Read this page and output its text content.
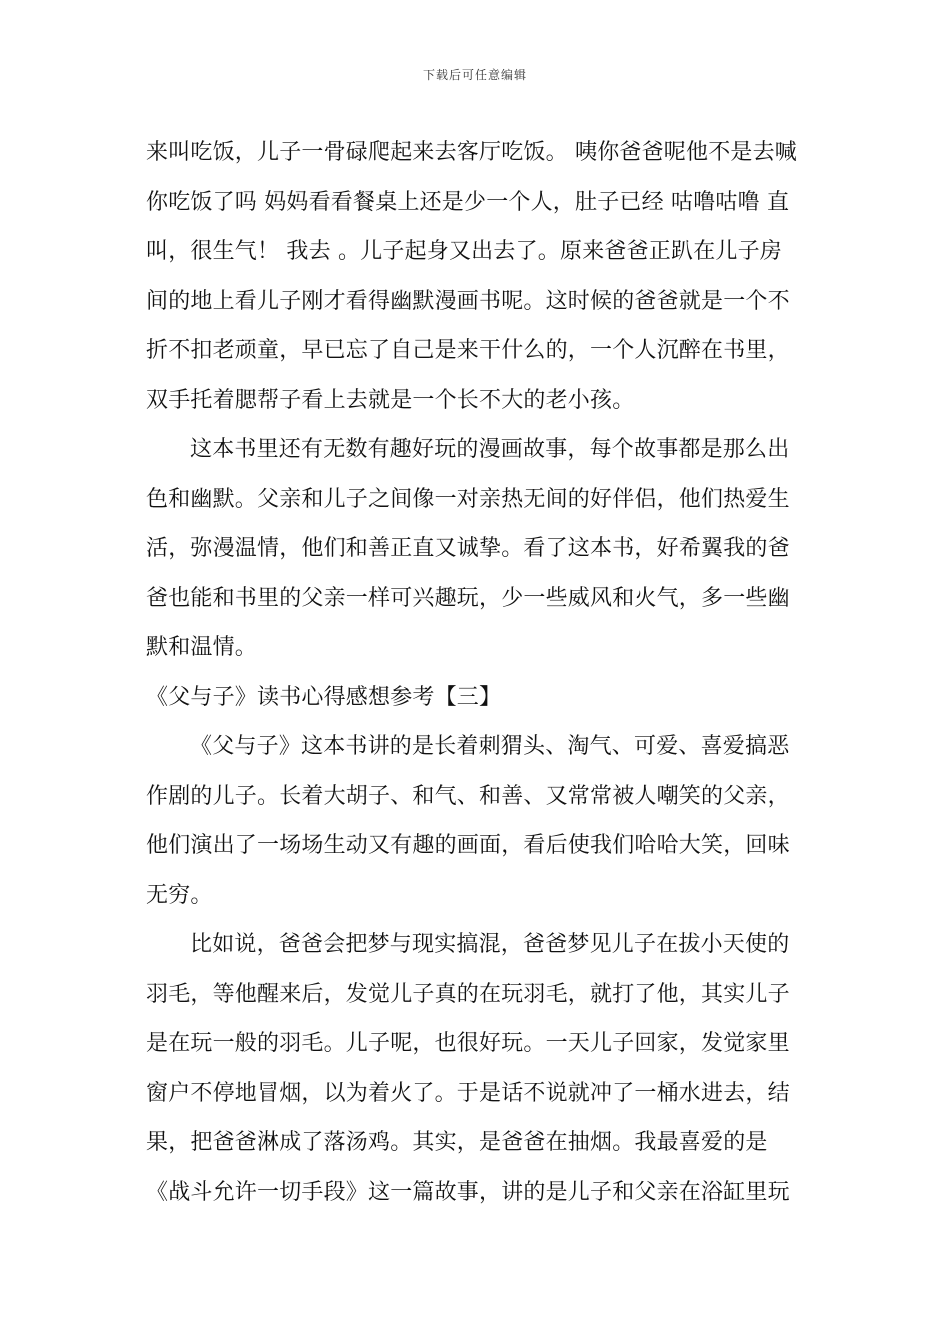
下载后可任意编辑
来叫吃饭，儿子一骨碌爬起来去客厅吃饭。 咦你爸爸呢他不是去喊
你吃饭了吗 妈妈看看餐桌上还是少一个人，肚子已经 咕噜咕噜 直
叫，很生气！ 我去 。儿子起身又出去了。原来爸爸正趴在儿子房
间的地上看儿子刚才看得幽默漫画书呢。这时候的爸爸就是一个不
折不扣老顽童，早已忘了自己是来干什么的，一个人沉醉在书里，
双手托着腮帮子看上去就是一个长不大的老小孩。
这本书里还有无数有趣好玩的漫画故事，每个故事都是那么出
色和幽默。父亲和儿子之间像一对亲热无间的好伴侣，他们热爱生
活，弥漫温情，他们和善正直又诚挚。看了这本书，好希翼我的爸
爸也能和书里的父亲一样可兴趣玩，少一些威风和火气，多一些幽
默和温情。
《父与子》读书心得感想参考【三】
《父与子》这本书讲的是长着刺猬头、淘气、可爱、喜爱搞恶
作剧的儿子。长着大胡子、和气、和善、又常常被人嘲笑的父亲，
他们演出了一场场生动又有趣的画面，看后使我们哈哈大笑，回味
无穷。
比如说，爸爸会把梦与现实搞混，爸爸梦见儿子在拔小天使的
羽毛，等他醒来后，发觉儿子真的在玩羽毛，就打了他，其实儿子
是在玩一般的羽毛。儿子呢，也很好玩。一天儿子回家，发觉家里
窗户不停地冒烟，以为着火了。于是话不说就冲了一桶水进去，结
果，把爸爸淋成了落汤鸡。其实，是爸爸在抽烟。我最喜爱的是
《战斗允许一切手段》这一篇故事，讲的是儿子和父亲在浴缸里玩
